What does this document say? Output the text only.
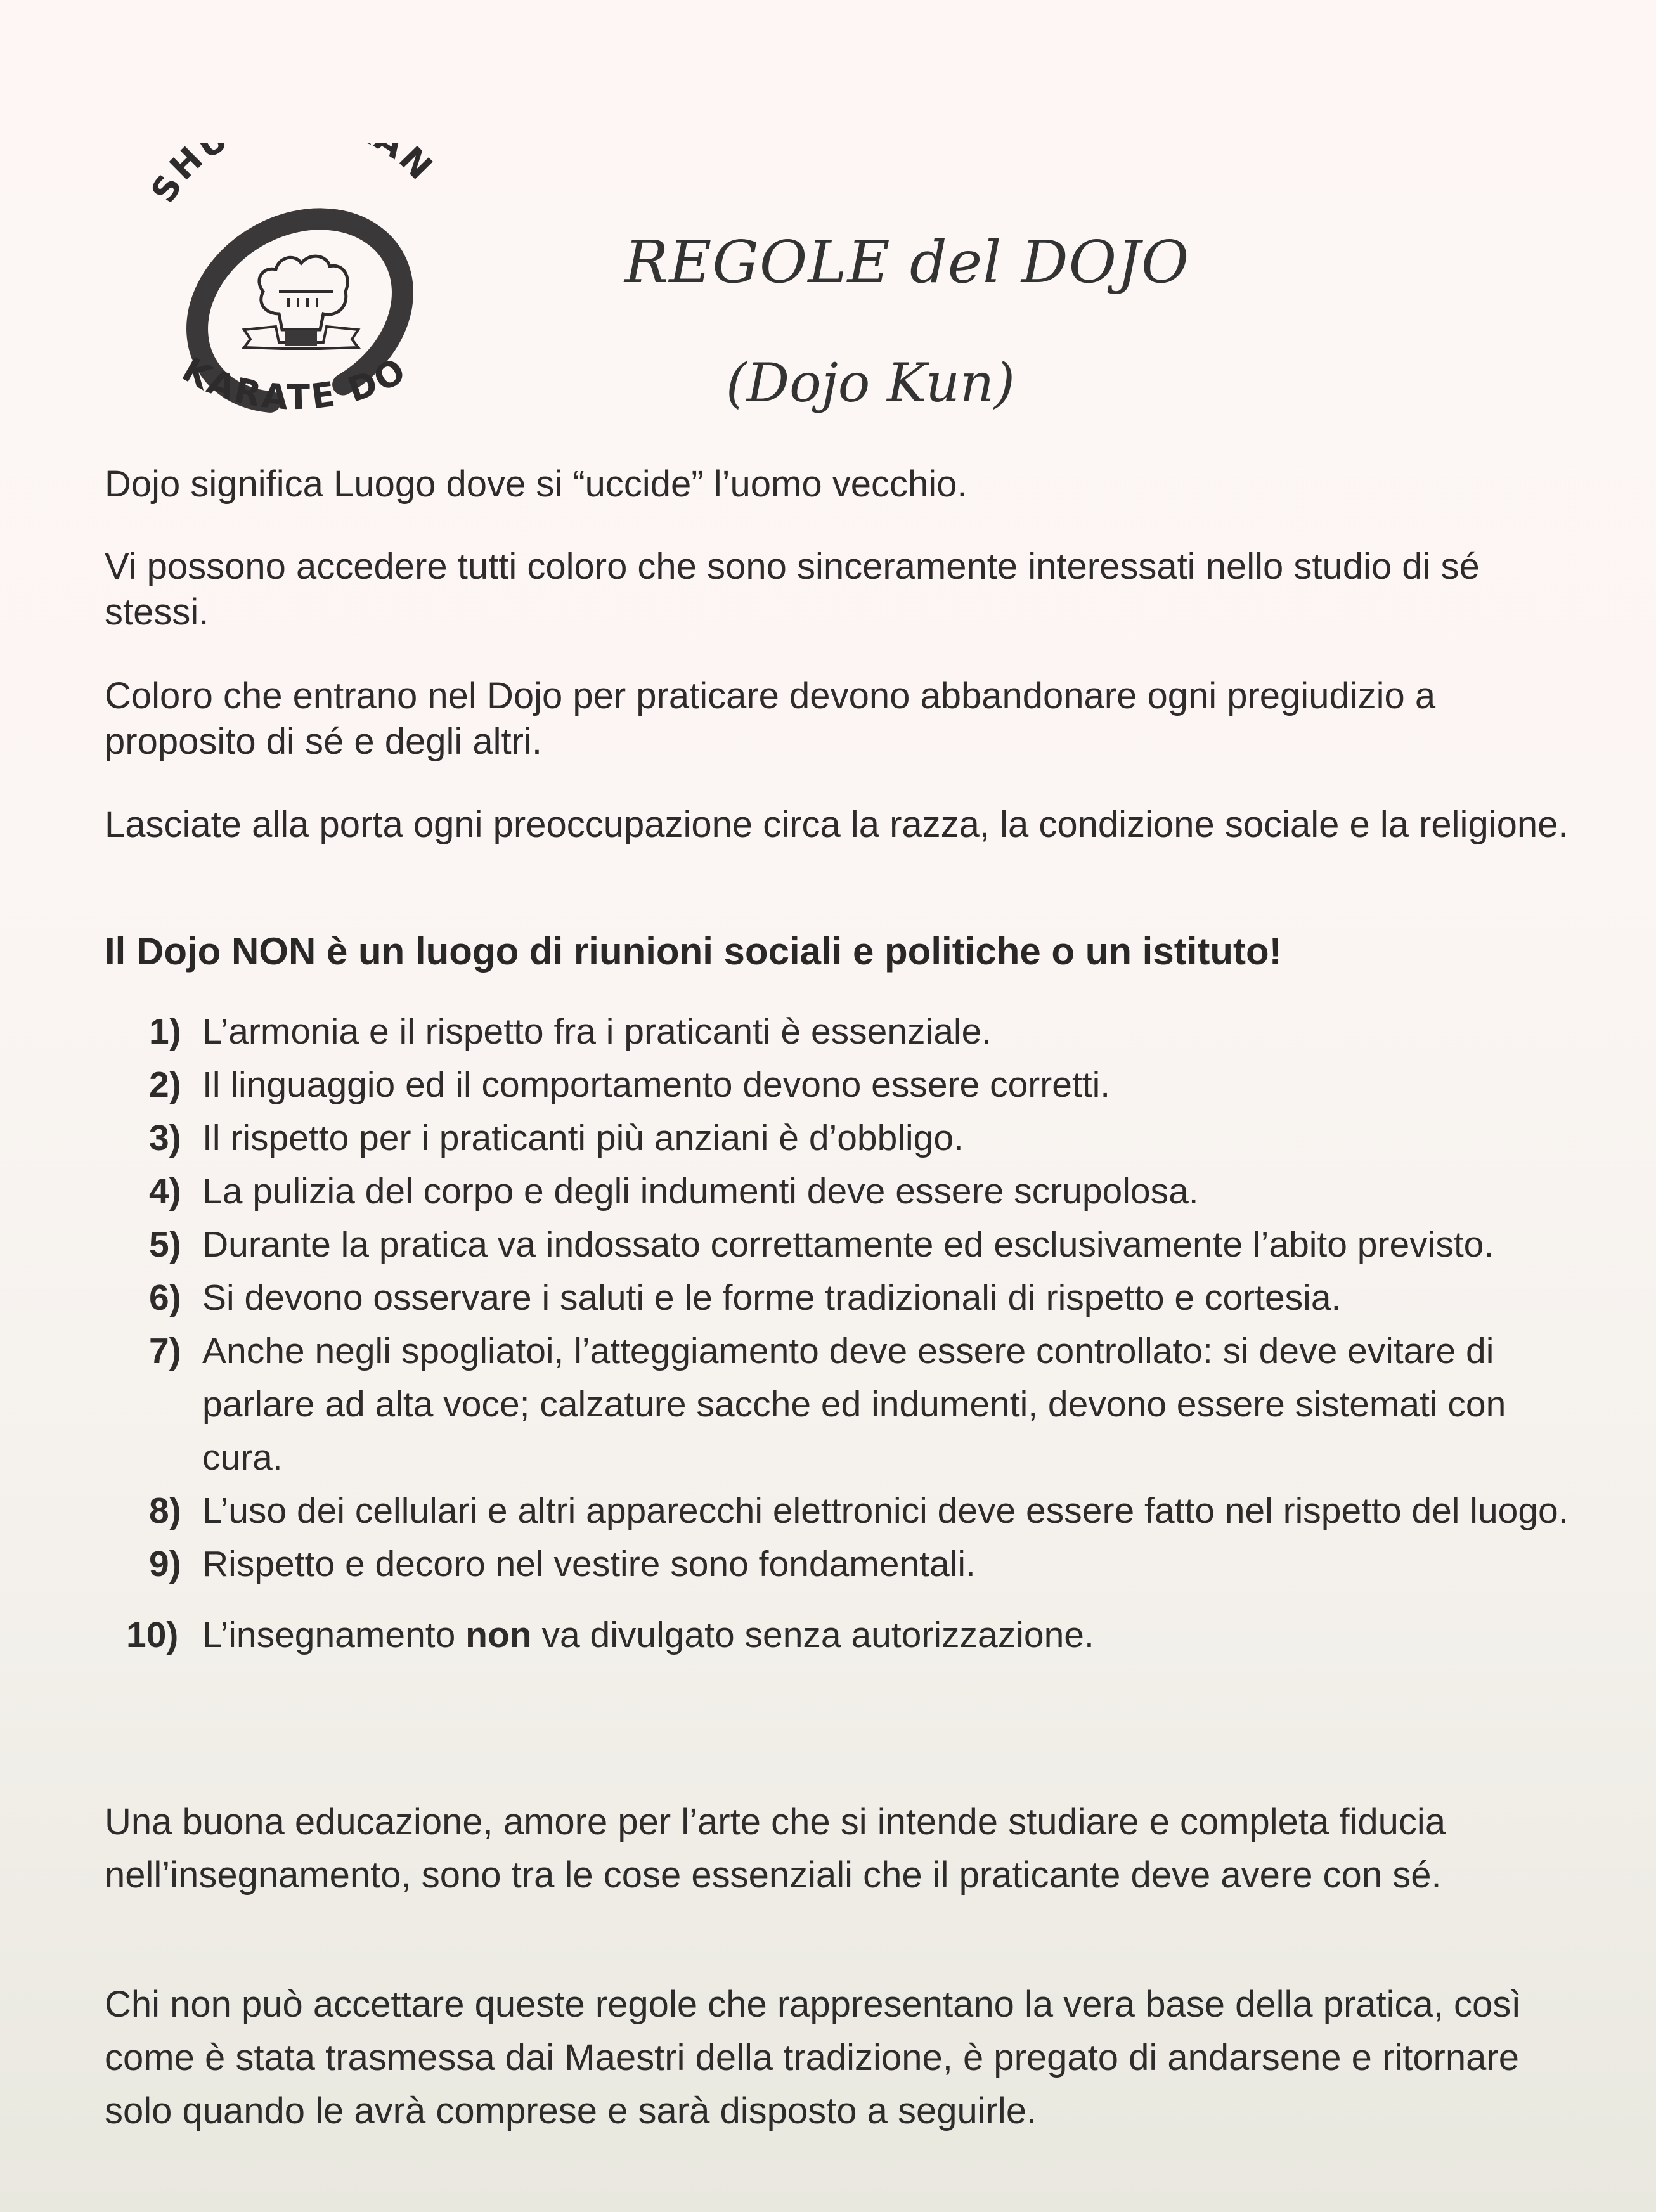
SH AN
KARATE DO
REGOLE del DOJO
(Dojo Kun)

Dojo significa Luogo dove si “uccide” l’uomo vecchio.

Vi possono accedere tutti coloro che sono sinceramente interessati nello studio di sé stessi.

Coloro che entrano nel Dojo per praticare devono abbandonare ogni pregiudizio a proposito di sé e degli altri.

Lasciate alla porta ogni preoccupazione circa la razza, la condizione sociale e la religione.

Il Dojo NON è un luogo di riunioni sociali e politiche o un istituto!
1) L’armonia e il rispetto fra i praticanti è essenziale.
2) Il linguaggio ed il comportamento devono essere corretti.
3) Il rispetto per i praticanti più anziani è d’obbligo.
4) La pulizia del corpo e degli indumenti deve essere scrupolosa.
5) Durante la pratica va indossato correttamente ed esclusivamente l’abito previsto.
6) Si devono osservare i saluti e le forme tradizionali di rispetto e cortesia.
7) Anche negli spogliatoi, l’atteggiamento deve essere controllato: si deve evitare di parlare ad alta voce; calzature sacche ed indumenti, devono essere sistemati con cura.
8) L’uso dei cellulari e altri apparecchi elettronici deve essere fatto nel rispetto del luogo.
9) Rispetto e decoro nel vestire sono fondamentali.
10) L’insegnamento non va divulgato senza autorizzazione.

Una buona educazione, amore per l’arte che si intende studiare e completa fiducia nell’insegnamento, sono tra le cose essenziali che il praticante deve avere con sé.

Chi non può accettare queste regole che rappresentano la vera base della pratica, così come è stata trasmessa dai Maestri della tradizione, è pregato di andarsene e ritornare solo quando le avrà comprese e sarà disposto a seguirle.
